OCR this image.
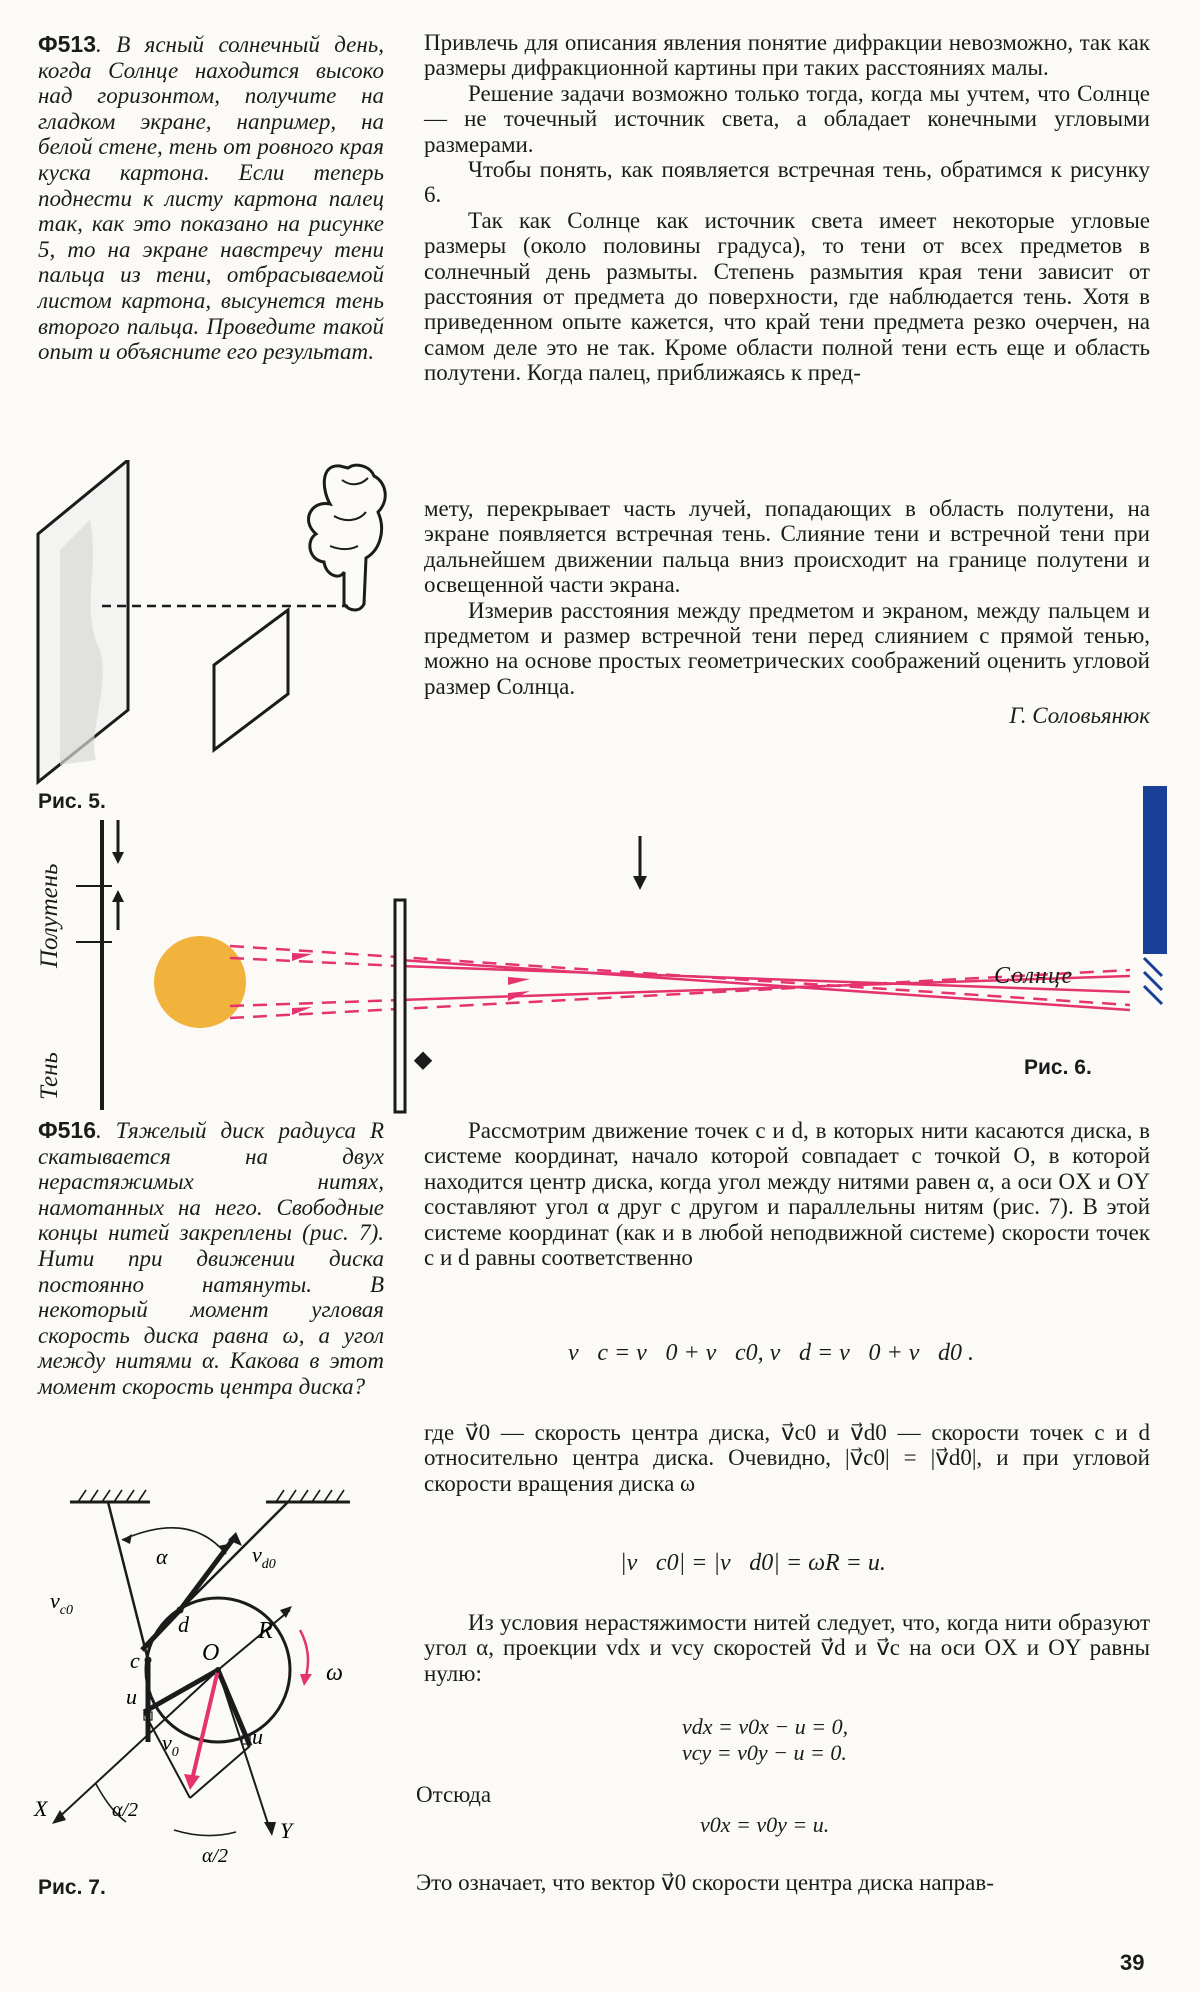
Ф513. В ясный солнечный день, когда Солнце находится высоко над горизонтом, получите на гладком экране, например, на белой стене, тень от ровного края куска картона. Если теперь поднести к листу картона палец так, как это показано на рисунке 5, то на экране навстречу тени пальца из тени, отбрасываемой листом картона, высунется тень второго пальца. Проведите такой опыт и объясните его результат.

Привлечь для описания явления понятие дифракции невозможно, так как размеры дифракционной картины при таких расстояниях малы.

Решение задачи возможно только тогда, когда мы учтем, что Солнце — не точечный источник света, а обладает конечными угловыми размерами.

Чтобы понять, как появляется встречная тень, обратимся к рисунку 6.

Так как Солнце как источник света имеет некоторые угловые размеры (около половины градуса), то тени от всех предметов в солнечный день размыты. Степень размытия края тени зависит от расстояния от предмета до поверхности, где наблюдается тень. Хотя в приведенном опыте кажется, что край тени предмета резко очерчен, на самом деле это не так. Кроме области полной тени есть еще и область полутени. Когда палец, приближаясь к пред-

мету, перекрывает часть лучей, попадающих в область полутени, на экране появляется встречная тень. Слияние тени и встречной тени при дальнейшем движении пальца вниз происходит на границе полутени и освещенной части экрана.

Измерив расстояния между предметом и экраном, между пальцем и предметом и размер встречной тени перед слиянием с прямой тенью, можно на основе простых геометрических соображений оценить угловой размер Солнца.

Г. Соловьянюк

Рис. 5.
Полутень
Тень
Солнце
Рис. 6.

Ф516. Тяжелый диск радиуса R скатывается на двух нерастяжимых нитях, намотанных на него. Свободные концы нитей закреплены (рис. 7). Нити при движении диска постоянно натянуты. В некоторый момент угловая скорость диска равна ω, а угол между нитями α. Какова в этот момент скорость центра диска?

Рассмотрим движение точек c и d, в которых нити касаются диска, в системе координат, начало которой совпадает с точкой O, в которой находится центр диска, когда угол между нитями равен α, а оси OX и OY составляют угол α друг с другом и параллельны нитям (рис. 7). В этой системе координат (как и в любой неподвижной системе) скорости точек c и d равны соответственно

v⃗c = v⃗0 + v⃗c0, v⃗d = v⃗0 + v⃗d0 .

где v⃗0 — скорость центра диска, v⃗c0 и v⃗d0 — скорости точек c и d относительно центра диска. Очевидно, |v⃗c0| = |v⃗d0|, и при угловой скорости вращения диска ω

|v⃗c0| = |v⃗d0| = ωR = u.

Из условия нерастяжимости нитей следует, что, когда нити образуют угол α, проекции vdx и vcy скоростей v⃗d и v⃗c на оси OX и OY равны нулю:

vdx = v0x − u = 0,
vcy = v0y − u = 0.

Отсюда

v0x = v0y = u.

Это означает, что вектор v⃗0 скорости центра диска направ-

α	$v_{d0}$
$v_{c0}$
d
c
R
O
ω
u
u
$v_0$
X
Y
α/2
α/2
Рис. 7.
39
